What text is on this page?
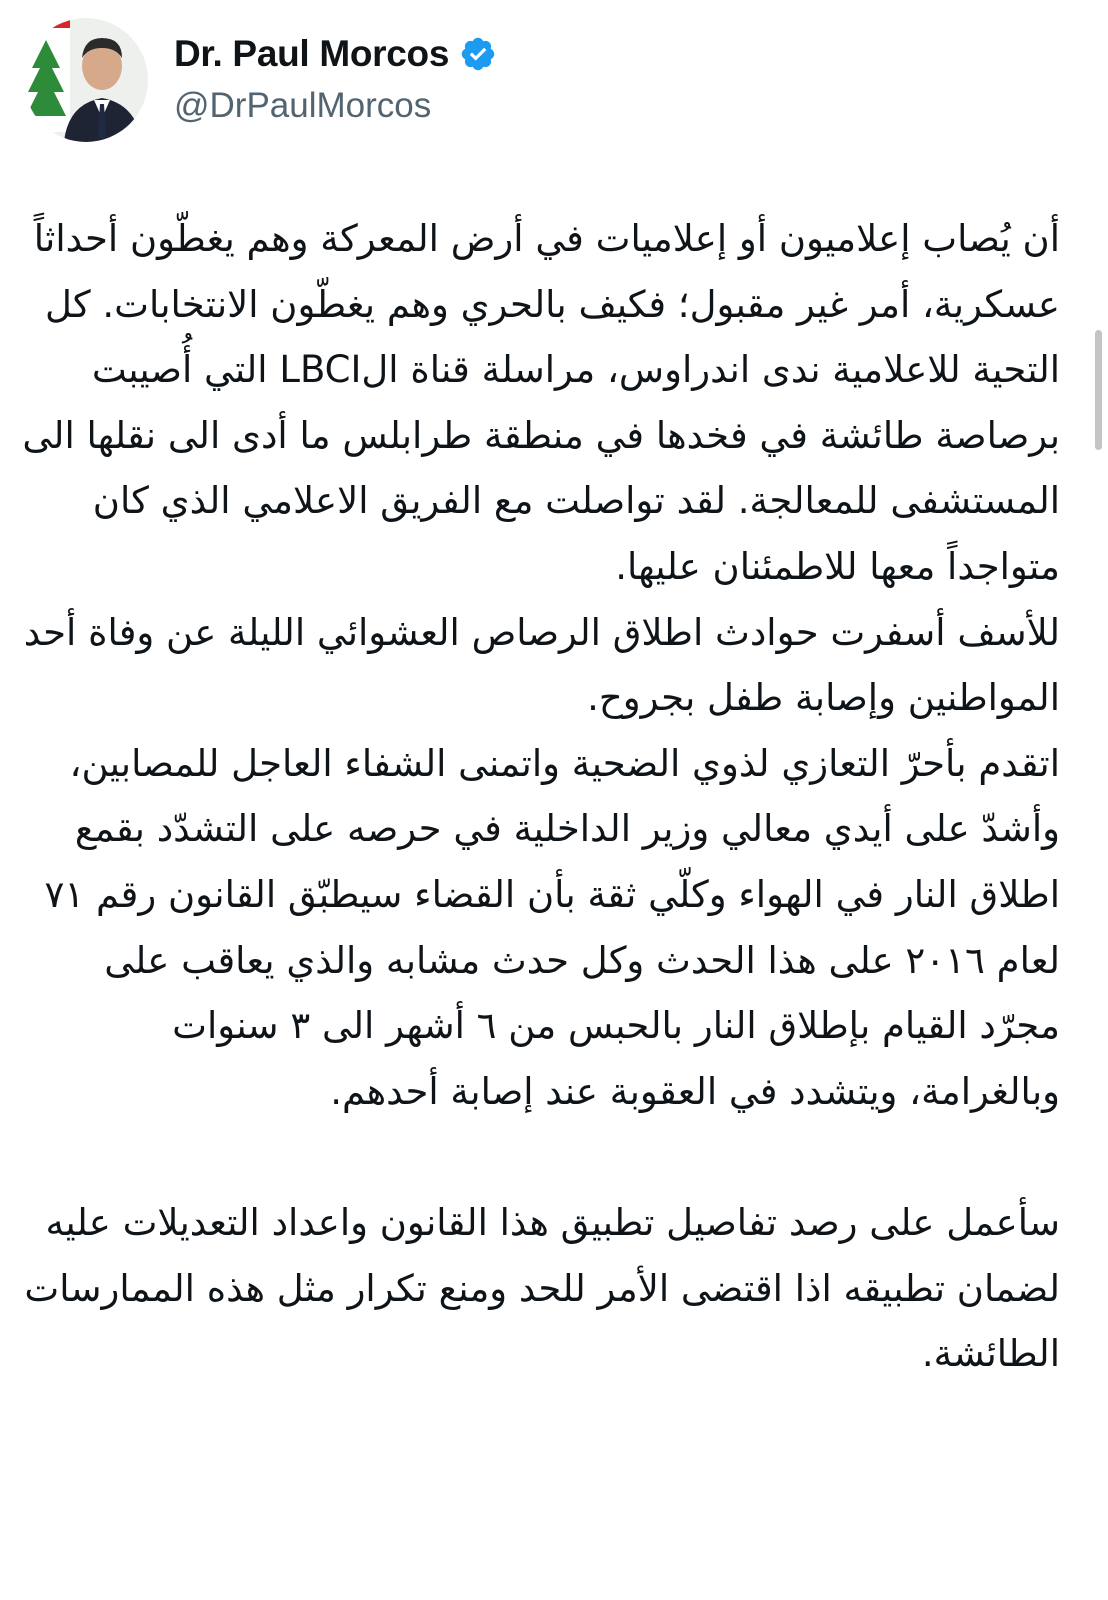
Dr. Paul Morcos
@DrPaulMorcos

أن يُصاب إعلاميون أو إعلاميات في أرض المعركة وهم يغطّون أحداثاً عسكرية، أمر غير مقبول؛ فكيف بالحري وهم يغطّون الانتخابات. كل التحية للاعلامية ندى اندراوس، مراسلة قناة الLBCI التي أُصيبت برصاصة طائشة في فخدها في منطقة طرابلس ما أدى الى نقلها الى المستشفى للمعالجة. لقد تواصلت مع الفريق الاعلامي الذي كان متواجداً معها للاطمئنان عليها.

للأسف أسفرت حوادث اطلاق الرصاص العشوائي الليلة عن وفاة أحد المواطنين وإصابة طفل بجروح.

اتقدم بأحرّ التعازي لذوي الضحية واتمنى الشفاء العاجل للمصابين، وأشدّ على أيدي معالي وزير الداخلية في حرصه على التشدّد بقمع اطلاق النار في الهواء وكلّي ثقة بأن القضاء سيطبّق القانون رقم ٧١ لعام ٢٠١٦ على هذا الحدث وكل حدث مشابه والذي يعاقب على مجرّد القيام بإطلاق النار بالحبس من ٦ أشهر الى ٣ سنوات وبالغرامة، ويتشدد في العقوبة عند إصابة أحدهم.

سأعمل على رصد تفاصيل تطبيق هذا القانون واعداد التعديلات عليه لضمان تطبيقه اذا اقتضى الأمر للحد ومنع تكرار مثل هذه الممارسات الطائشة.
